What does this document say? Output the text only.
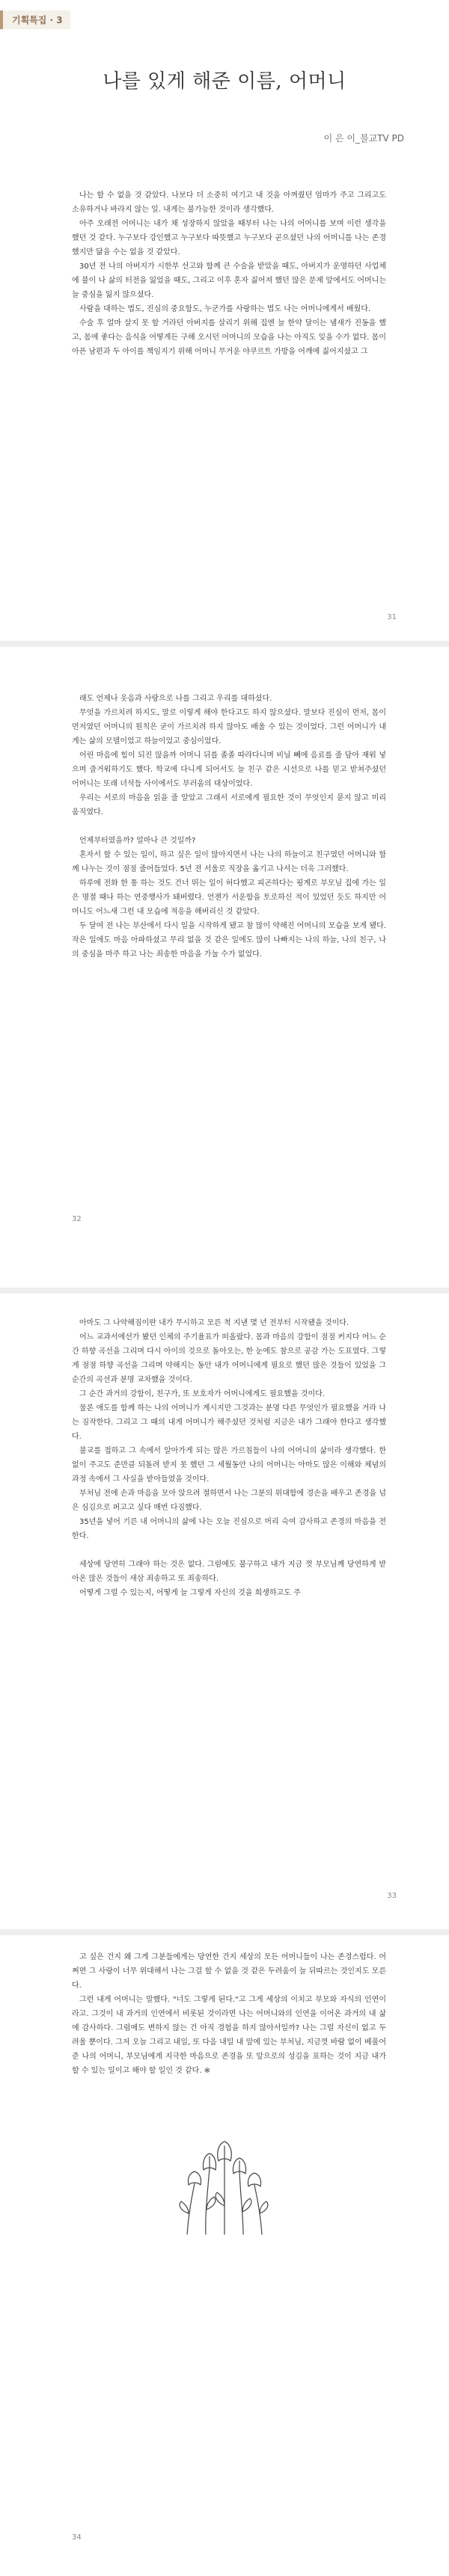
기획특집 · 3
나를 있게 해준 이름, 어머니
이 은 이_불교TV PD

나는 할 수 없을 것 같았다. 나보다 더 소중히 여기고 내 것을 아껴줬던 엄마가 주고 그리고도 소유하거나 바라지 않는 일. 내게는 불가능한 것이라 생각했다.

아주 오래전 어머니는 내가 채 성장하지 않았을 때부터 나는 나의 어머니를 보며 이런 생각을 했던 것 같다. 누구보다 강인했고 누구보다 따뜻했고 누구보다 곧으셨던 나의 어머니를 나는 존경했지만 닮을 수는 없을 것 같았다.

30년 전 나의 아버지가 시한부 선고와 함께 큰 수술을 받았을 때도, 아버지가 운영하던 사업체에 불이 나 삶의 터전을 잃었을 때도, 그리고 이후 혼자 짊어져 했던 많은 문제 앞에서도 어머니는 늘 중심을 잃지 않으셨다.

사람을 대하는 법도, 진심의 중요함도, 누군가를 사랑하는 법도 나는 어머니에게서 배웠다.

수술 후 얼마 살지 못 할 거라던 아버지를 살리기 위해 집엔 늘 한약 달이는 냄새가 진동을 했고, 몸에 좋다는 음식을 어떻게든 구해 오시던 어머니의 모습을 나는 아직도 잊을 수가 없다. 몸이 아픈 남편과 두 아이를 책임지기 위해 어머니 무거운 야쿠르트 가방을 어깨에 짊어지셨고 그

31

래도 언제나 웃음과 사랑으로 나를 그리고 우리를 대하셨다.

무엇을 가르치려 하지도, 말로 이렇게 해야 한다고도 하지 않으셨다. 말보다 진심이 먼저, 몸이 먼저였던 어머니의 원칙은 굳이 가르치려 하지 않아도 배울 수 있는 것이었다. 그런 어머니가 내게는 삶의 모델이었고 하늘이었고 중심이었다.

어린 마음에 힘이 되진 않을까 어머니 뒤를 졸졸 따라다니며 비닐 뻬에 음료를 줄 담아 재워 넣으며 즐거워하기도 했다. 학교에 다니게 되어서도 늘 친구 같은 시선으로 나를 믿고 받쳐주셨던 어머니는 또래 녀석들 사이에서도 부러움의 대상이었다.

우리는 서로의 마음을 읽을 줄 알았고 그래서 서로에게 필요한 것이 무엇인지 묻지 않고 미리 움직였다.

언제부터였을까? 얼마나 큰 것일까?

혼자서 할 수 있는 일이, 하고 싶은 일이 많아지면서 나는 나의 하늘이고 친구였던 어머니와 함께 나누는 것이 점점 줄어들었다. 5년 전 서울로 직장을 옮기고 나서는 더욱 그러했다.

하루에 전화 한 통 하는 것도 건너 뛰는 일이 허다했고 피곤하다는 핑계로 부모님 집에 가는 일은 명절 때나 하는 연중행사가 돼버렸다. 언젠가 서운함을 토로하신 적이 있었던 듯도 하지만 어머니도 어느새 그런 내 모습에 적응을 해버리신 것 같았다.

두 달여 전 나는 부산에서 다시 일을 시작하게 됐고 참 많이 약해진 어머니의 모습을 보게 됐다. 작은 일에도 마음 아파하셨고 무리 없을 것 같은 일에도 많이 나빠지는 나의 하늘, 나의 친구, 나의 중심을 마주 하고 나는 죄송한 마음을 가눌 수가 없었다.

32

아마도 그 나약해짐이란 내가 무시하고 모른 척 지낸 몇 년 전부터 시작됐을 것이다.

어느 교과서에선가 봤던 인체의 주기율표가 떠올랐다. 몸과 마음의 강함이 점점 커지다 어느 순간 하향 곡선을 그리며 다시 아이의 것으로 돌아오는, 한 눈에도 참으로 공감 가는 도표였다. 그렇게 점점 하향 곡선을 그리며 약해지는 동안 내가 어머니에게 필요로 했던 많은 것들이 있었을 그 순간의 곡선과 분명 교차했을 것이다.

그 순간 과거의 강함이, 친구가, 또 보호자가 어머니에게도 필요했을 것이다.

물론 애도를 함께 하는 나의 어머니가 계시지만 그것과는 분명 다른 무엇인가 필요했을 거라 나는 짐작한다. 그리고 그 때의 내게 어머니가 해주셨던 것처럼 지금은 내가 그래야 한다고 생각했다.

불교를 접하고 그 속에서 알아가게 되는 많은 가르침들이 나의 어머니의 삶이라 생각했다. 한 없이 주고도 준만큼 되돌려 받지 못 했던 그 세월동안 나의 어머니는 아마도 많은 이해와 체념의 과정 속에서 그 사실을 받아들였을 것이다.

부처님 전에 손과 마음을 모아 앉으려 절하면서 나는 그분의 위대함에 경손을 배우고 존경을 넘은 심김으로 퍼고고 싶다 매번 다짐했다.

35년을 넣어 기른 내 어머니의 삶에 나는 오늘 진심으로 머리 숙여 감사하고 존경의 마음을 전한다.

세상에 당연히 그래야 하는 것은 없다. 그럼에도 불구하고 내가 지금 껏 부모님께 당연하게 받아온 많은 것들이 새삼 죄송하고 또 죄송하다.

어떻게 그럴 수 있는지, 어떻게 늘 그렇게 자신의 것을 희생하고도 주

33

고 싶은 건지 왜 그게 그분들에게는 당연한 건지 세상의 모든 어머니들이 나는 존경스럽다. 어쩌면 그 사랑이 너무 위대해서 나는 그걸 할 수 없을 것 같은 두려움이 늘 뒤따르는 것인지도 모른다.

그런 내게 어머니는 말했다. "너도 그렇게 된다."고 그게 세상의 이치고 부모와 자식의 인연이라고. 그것이 내 과거의 인연에서 비롯된 것이라면 나는 어머니와의 인연을 이어온 과거의 내 삶에 감사하다. 그럼에도 변하지 않는 건 아직 경험을 하지 않아서일까? 나는 그럴 자신이 없고 두려울 뿐이다. 그저 오늘 그리고 내일, 또 다음 내일 내 앞에 있는 부처님, 지금껏 바람 없이 베풀어 준 나의 어머니, 부모님에게 지극한 마음으로 존경을 또 앞으로의 성김을 표하는 것이 지금 내가 할 수 있는 일이고 해야 할 일인 것 같다. ※

34
